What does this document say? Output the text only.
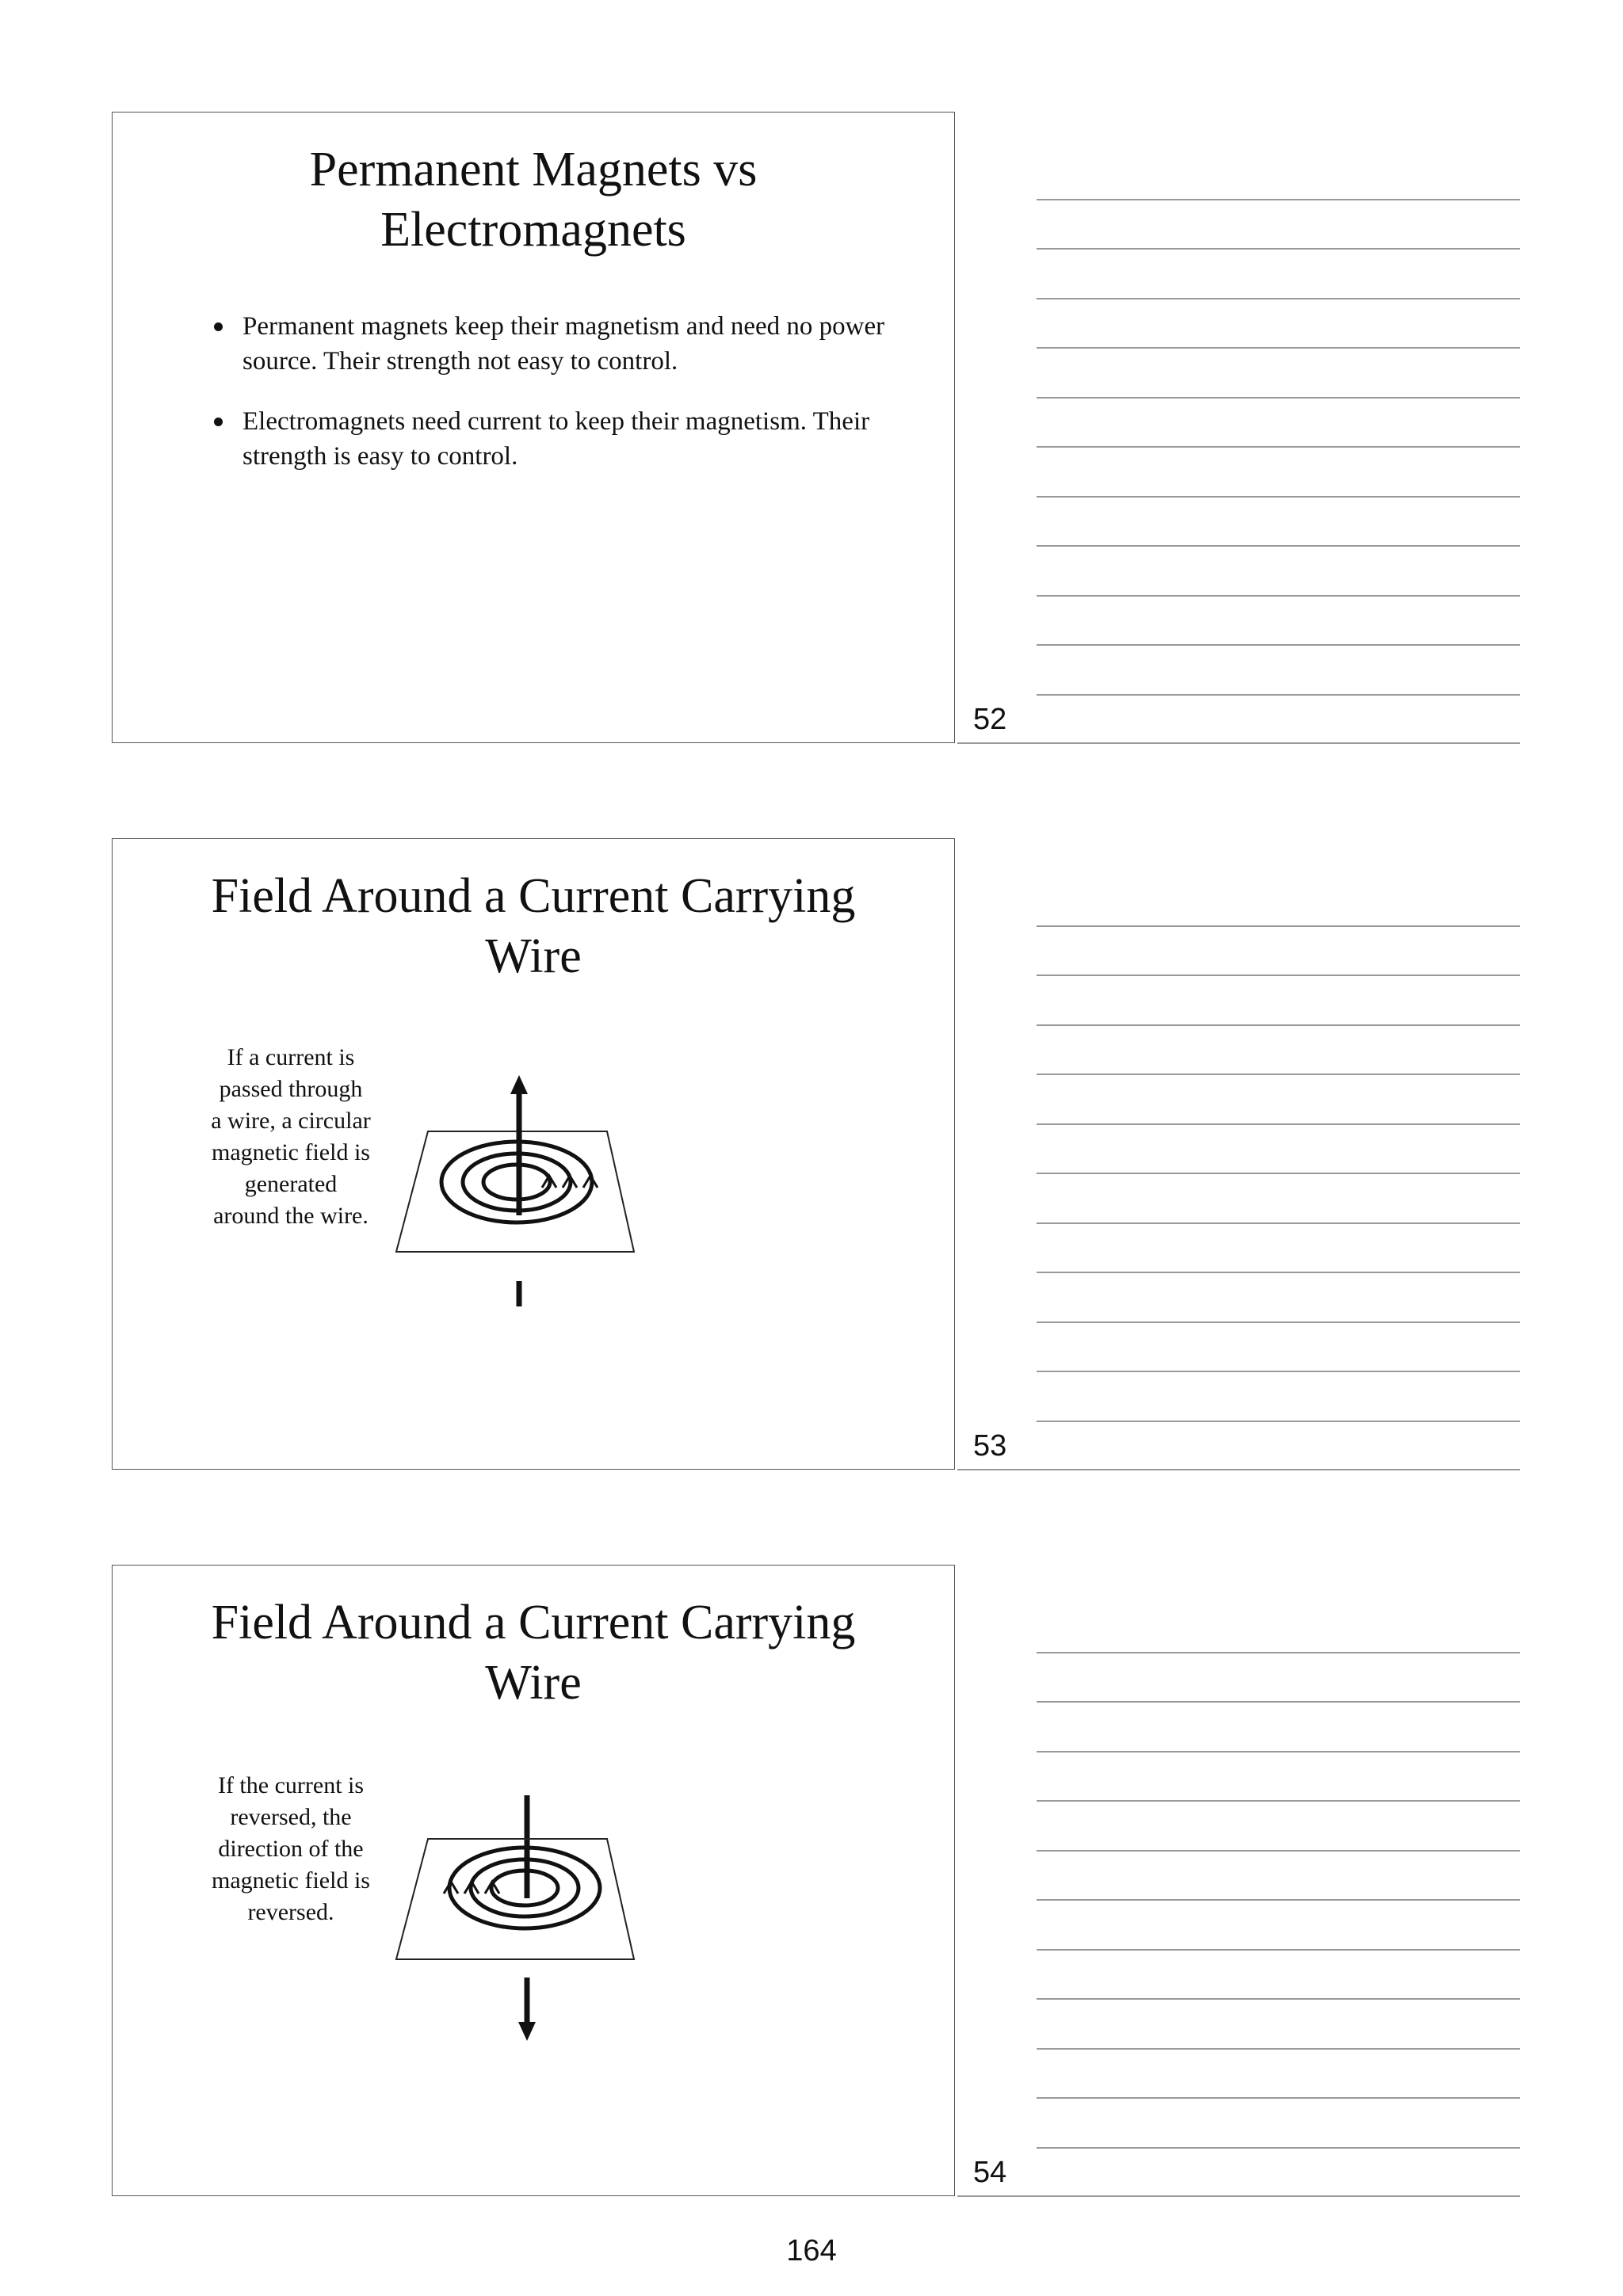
Permanent Magnets vs
Electromagnets
Permanent magnets keep their magnetism and need no power source. Their strength not easy to control.
Electromagnets need current to keep their magnetism. Their strength is easy to control.
52
Field Around a Current Carrying
Wire
If a current is
passed through
a wire, a circular
magnetic field is
generated
around the wire.
53
Field Around a Current Carrying
Wire
If the current is
reversed, the
direction of the
magnetic field is
reversed.
54
164
